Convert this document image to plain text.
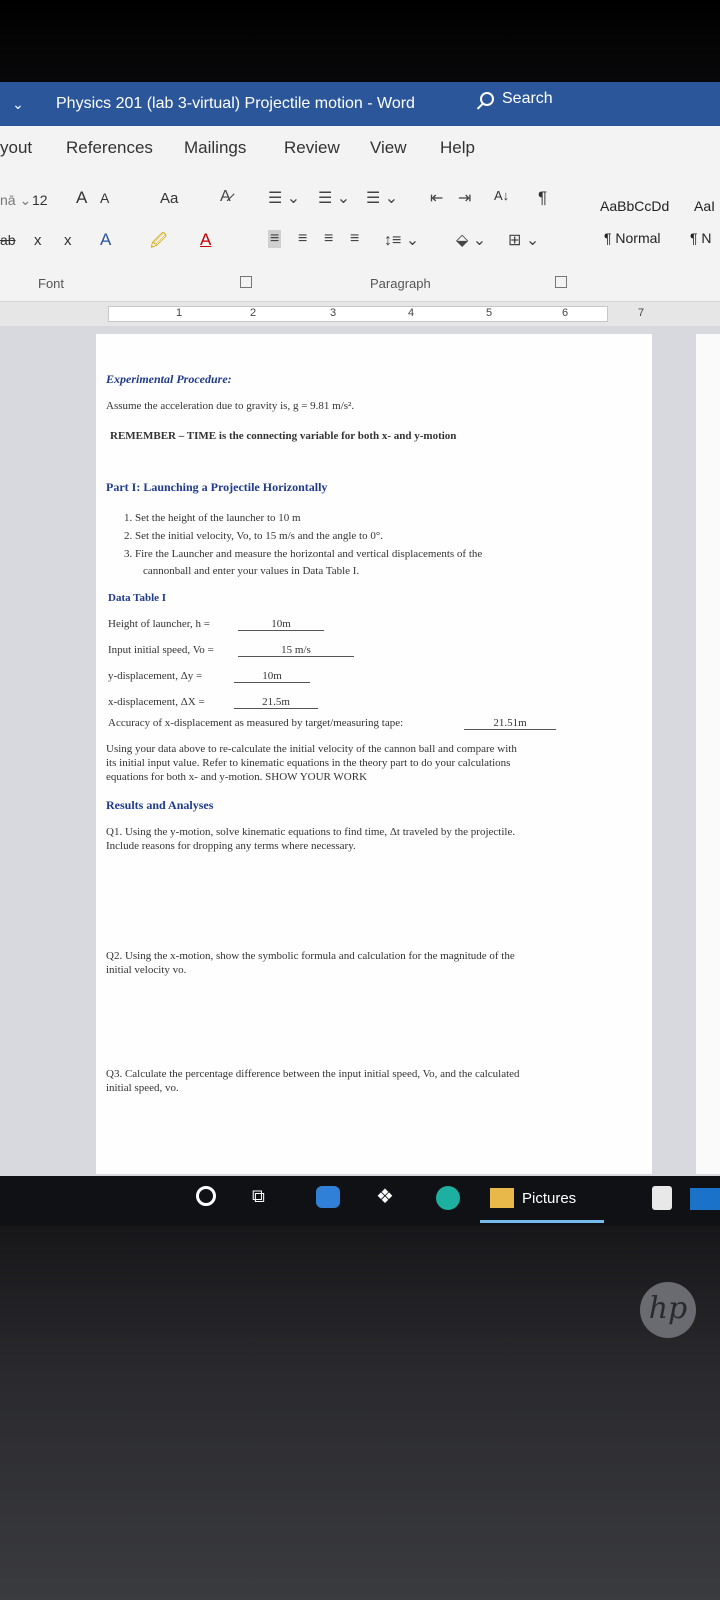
⌄	Physics 201 (lab 3-virtual) Projectile motion - Word	Search
yout References Mailings Review View Help
nā ⌄ 12 A A	Aa	A̷
ab x x A 🖉 A
Font
☰ ⌄ ☰ ⌄ ☰ ⌄ ⇤ ⇥ A↓ ¶
≡ ≡ ≡ ≡ ↕≡ ⌄ ⬙ ⌄ ⊞ ⌄
Paragraph
AaBbCcDd AaI
¶ Normal ¶ N
1	2	3	4	5	6	7
Experimental Procedure:
Assume the acceleration due to gravity is, g = 9.81 m/s².
REMEMBER – TIME is the connecting variable for both x- and y-motion
Part I: Launching a Projectile Horizontally
1. Set the height of the launcher to 10 m
2. Set the initial velocity, Vo, to 15 m/s and the angle to 0°.
3. Fire the Launcher and measure the horizontal and vertical displacements of the
cannonball and enter your values in Data Table I.
Data Table I
Height of launcher, h =	10m
Input initial speed, Vo =	15 m/s
y-displacement, Δy =	10m
x-displacement, ΔX =	21.5m
Accuracy of x-displacement as measured by target/measuring tape:	21.51m
Using your data above to re-calculate the initial velocity of the cannon ball and compare with
its initial input value. Refer to kinematic equations in the theory part to do your calculations
equations for both x- and y-motion. SHOW YOUR WORK
Results and Analyses
Q1. Using the y-motion, solve kinematic equations to find time, Δt traveled by the projectile.
Include reasons for dropping any terms where necessary.
Q2. Using the x-motion, show the symbolic formula and calculation for the magnitude of the
initial velocity vo.
Q3. Calculate the percentage difference between the input initial speed, Vo, and the calculated
initial speed, vo.
⧉	❖	Pictures
hp
